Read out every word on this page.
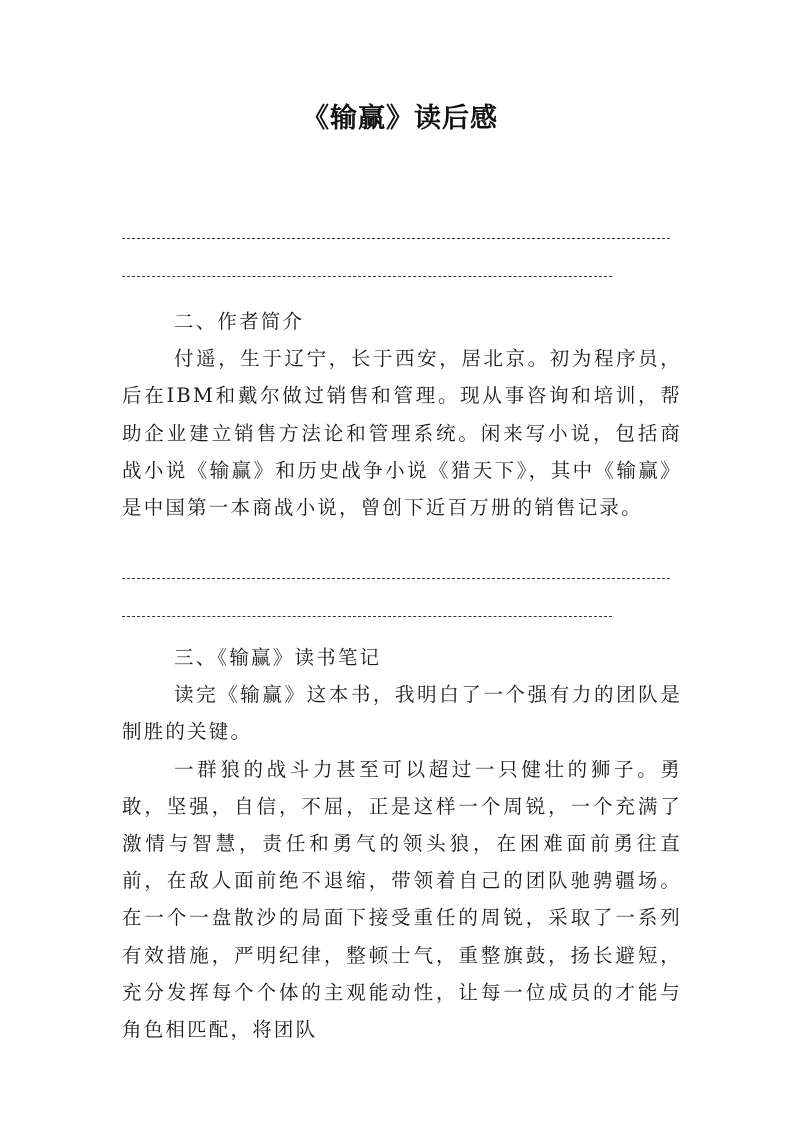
《输赢》读后感
二、作者简介

付遥，生于辽宁，长于西安，居北京。初为程序员，后在IBM和戴尔做过销售和管理。现从事咨询和培训，帮助企业建立销售方法论和管理系统。闲来写小说，包括商战小说《输赢》和历史战争小说《猎天下》，其中《输赢》是中国第一本商战小说，曾创下近百万册的销售记录。

三、《输赢》读书笔记

读完《输赢》这本书，我明白了一个强有力的团队是制胜的关键。

一群狼的战斗力甚至可以超过一只健壮的狮子。勇敢，坚强，自信，不屈，正是这样一个周锐，一个充满了激情与智慧，责任和勇气的领头狼，在困难面前勇往直前，在敌人面前绝不退缩，带领着自己的团队驰骋疆场。在一个一盘散沙的局面下接受重任的周锐，采取了一系列有效措施，严明纪律，整顿士气，重整旗鼓，扬长避短，充分发挥每个个体的主观能动性，让每一位成员的才能与角色相匹配，将团队
